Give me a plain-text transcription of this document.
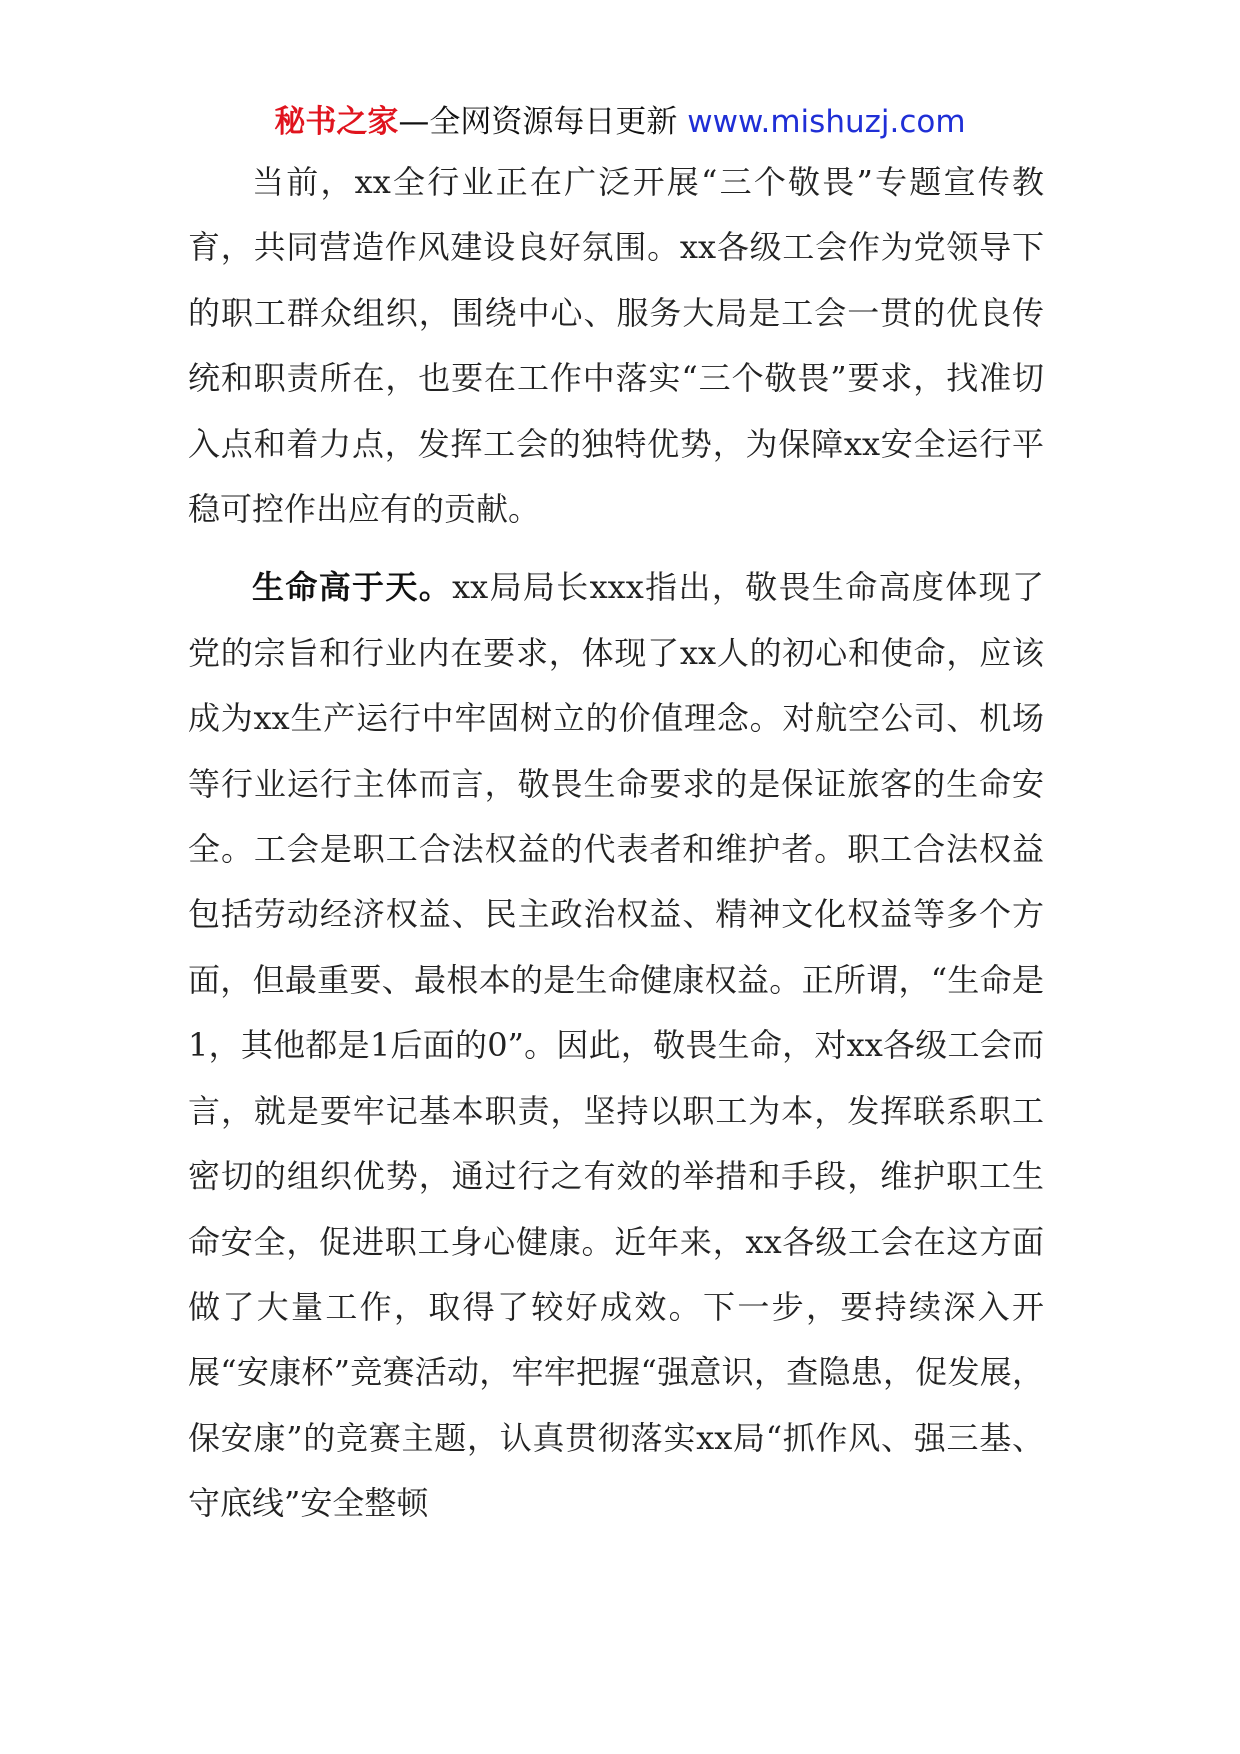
秘书之家—全网资源每日更新 www.mishuzj.com

当前，xx全行业正在广泛开展“三个敬畏”专题宣传教育，共同营造作风建设良好氛围。xx各级工会作为党领导下的职工群众组织，围绕中心、服务大局是工会一贯的优良传统和职责所在，也要在工作中落实“三个敬畏”要求，找准切入点和着力点，发挥工会的独特优势，为保障xx安全运行平稳可控作出应有的贡献。

生命高于天。xx局局长xxx指出，敬畏生命高度体现了党的宗旨和行业内在要求，体现了xx人的初心和使命，应该成为xx生产运行中牢固树立的价值理念。对航空公司、机场等行业运行主体而言，敬畏生命要求的是保证旅客的生命安全。工会是职工合法权益的代表者和维护者。职工合法权益包括劳动经济权益、民主政治权益、精神文化权益等多个方面，但最重要、最根本的是生命健康权益。正所谓，“生命是1，其他都是1后面的0”。因此，敬畏生命，对xx各级工会而言，就是要牢记基本职责，坚持以职工为本，发挥联系职工密切的组织优势，通过行之有效的举措和手段，维护职工生命安全，促进职工身心健康。近年来，xx各级工会在这方面做了大量工作，取得了较好成效。下一步，要持续深入开展“安康杯”竞赛活动，牢牢把握“强意识，查隐患，促发展，保安康”的竞赛主题，认真贯彻落实xx局“抓作风、强三基、守底线”安全整顿
